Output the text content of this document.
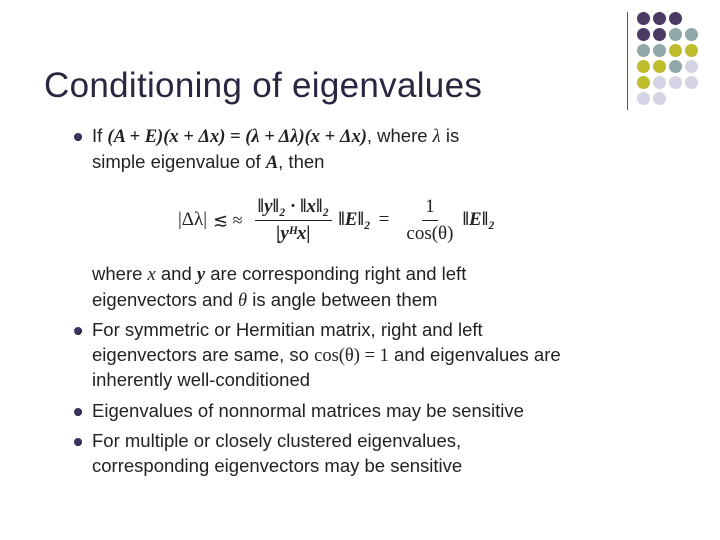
Conditioning of eigenvalues
If (A + E)(x + Δx) = (λ + Δλ)(x + Δx), where λ is
simple eigenvalue of A, then
|Δλ| ≲ ≈ $\frac{\text{‖y‖₂ · ‖x‖₂}}{\text{|yᴴx|}}$ ‖E‖₂ = $\frac{1}{\cos(\theta)}$ ‖E‖₂
where x and y are corresponding right and left
eigenvectors and θ is angle between them
For symmetric or Hermitian matrix, right and left
eigenvectors are same, so cos(θ) = 1 and eigenvalues are
inherently well-conditioned
Eigenvalues of nonnormal matrices may be sensitive
For multiple or closely clustered eigenvalues,
corresponding eigenvectors may be sensitive
